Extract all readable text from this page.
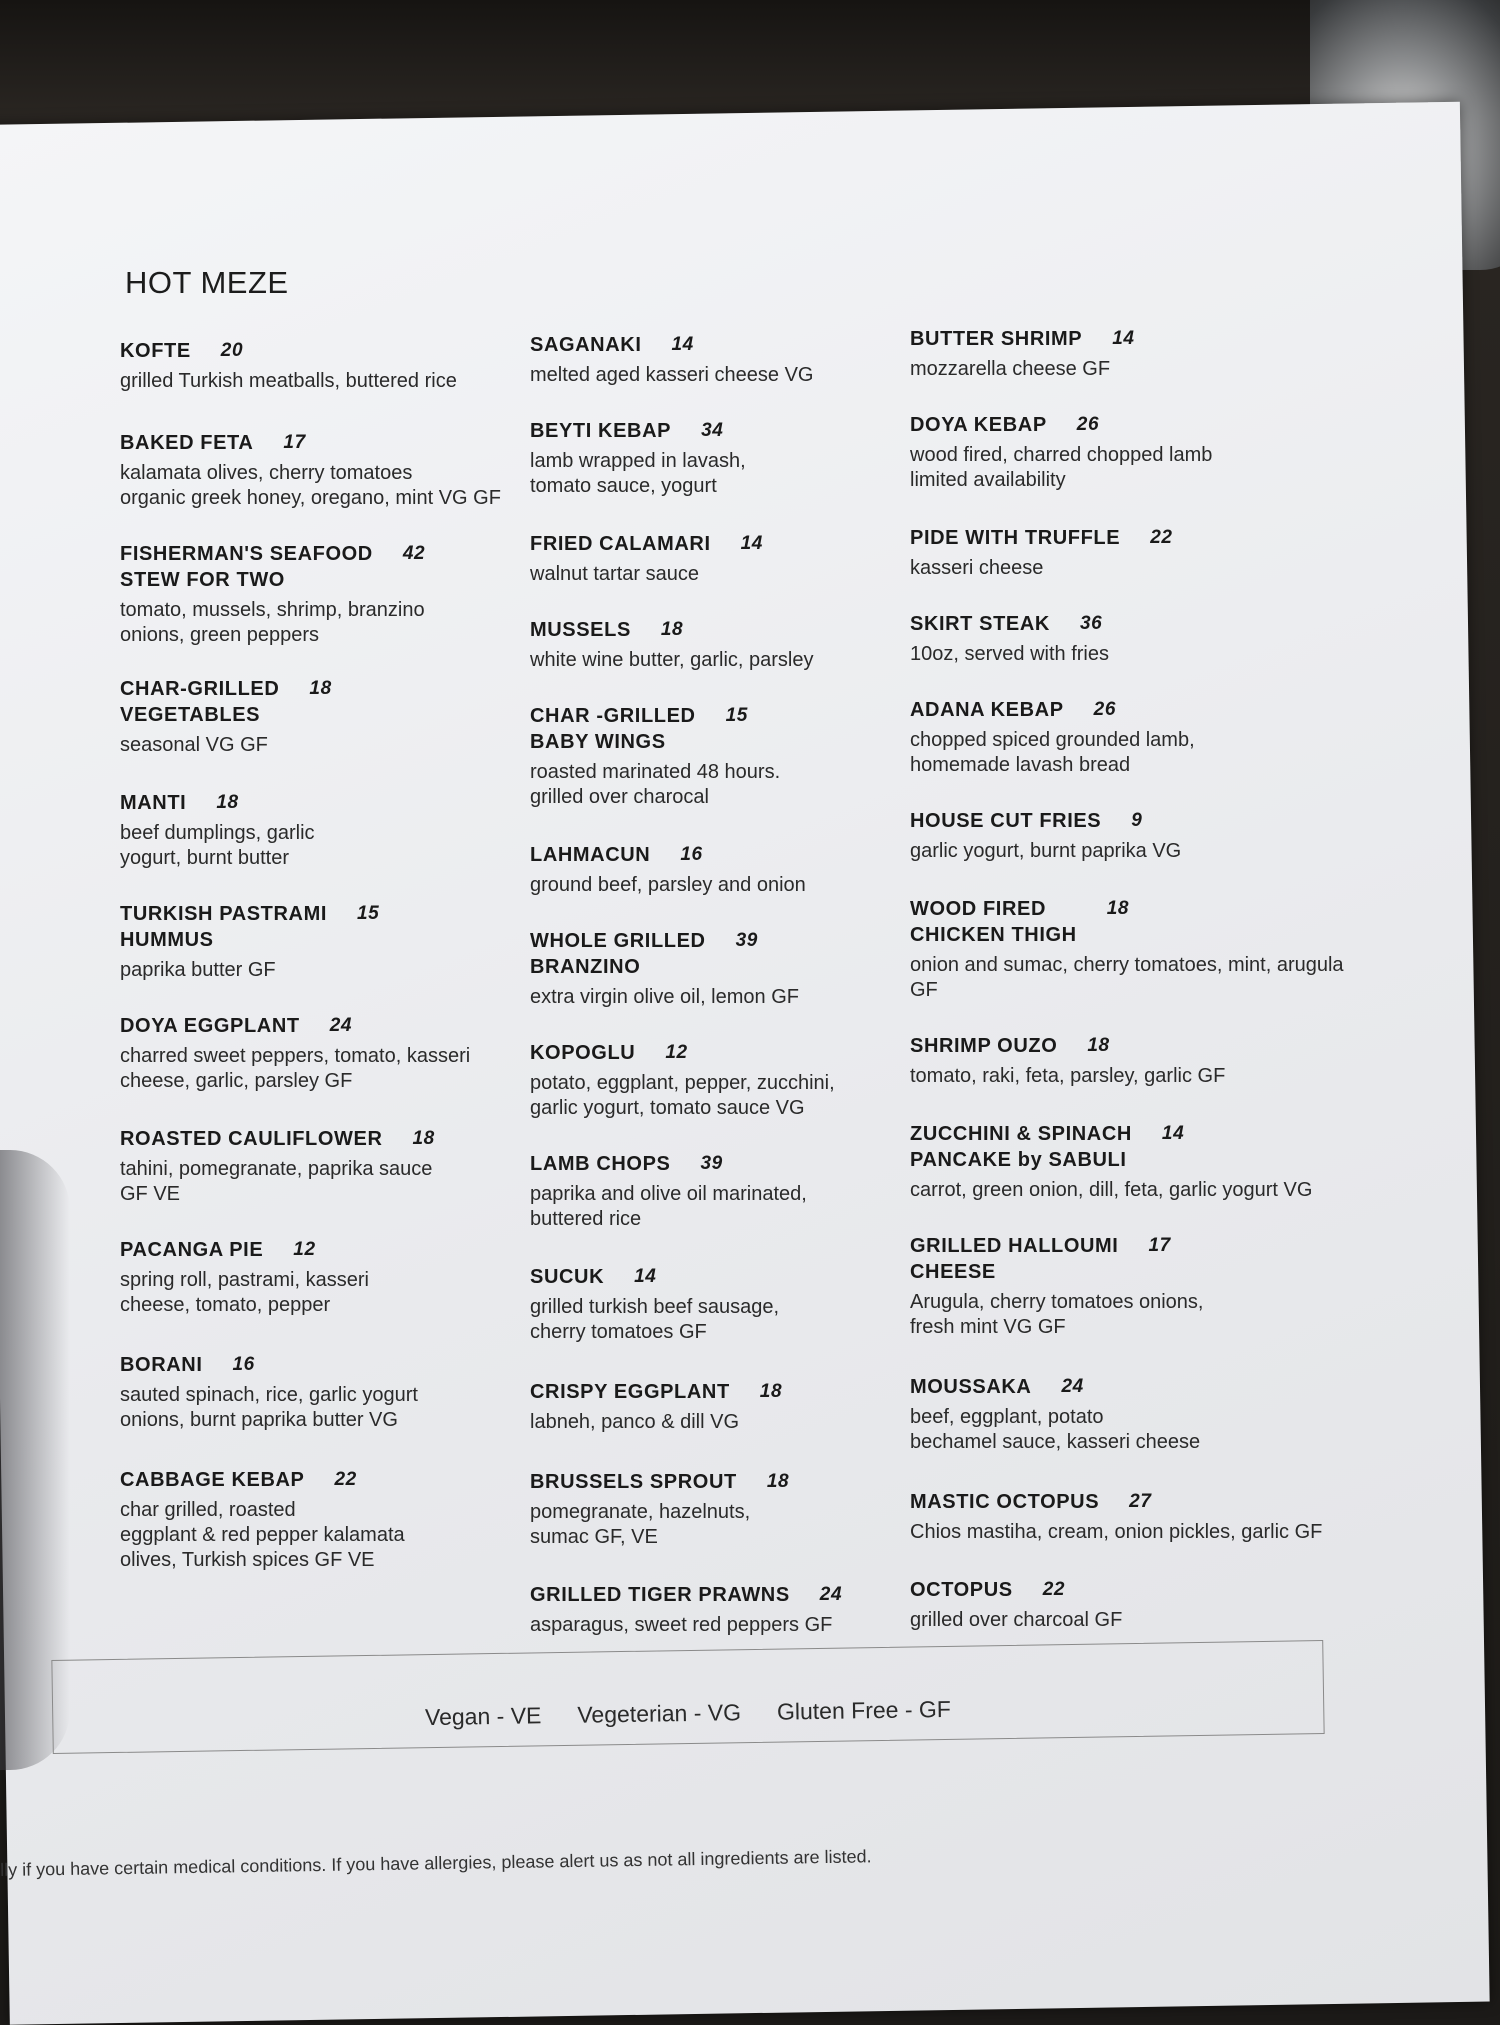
HOT MEZE
KOFTE 20
grilled Turkish meatballs, buttered rice
BAKED FETA 17
kalamata olives, cherry tomatoes
organic greek honey, oregano, mint VG GF
FISHERMAN'S SEAFOOD
STEW FOR TWO
42
tomato, mussels, shrimp, branzino
onions, green peppers
CHAR-GRILLED
VEGETABLES
18
seasonal VG GF
MANTI 18
beef dumplings, garlic
yogurt, burnt butter
TURKISH PASTRAMI
HUMMUS
15
paprika butter GF
DOYA EGGPLANT 24
charred sweet peppers, tomato, kasseri
cheese, garlic, parsley GF
ROASTED CAULIFLOWER 18
tahini, pomegranate, paprika sauce
GF VE
PACANGA PIE 12
spring roll, pastrami, kasseri
cheese, tomato, pepper
BORANI 16
sauted spinach, rice, garlic yogurt
onions, burnt paprika butter VG
CABBAGE KEBAP 22
char grilled, roasted
eggplant & red pepper kalamata
olives, Turkish spices GF VE
SAGANAKI 14
melted aged kasseri cheese VG
BEYTI KEBAP 34
lamb wrapped in lavash,
tomato sauce, yogurt
FRIED CALAMARI 14
walnut tartar sauce
MUSSELS 18
white wine butter, garlic, parsley
CHAR -GRILLED
BABY WINGS
15
roasted marinated 48 hours.
grilled over charocal
LAHMACUN 16
ground beef, parsley and onion
WHOLE GRILLED
BRANZINO
39
extra virgin olive oil, lemon GF
KOPOGLU 12
potato, eggplant, pepper, zucchini,
garlic yogurt, tomato sauce VG
LAMB CHOPS 39
paprika and olive oil marinated,
buttered rice
SUCUK 14
grilled turkish beef sausage,
cherry tomatoes GF
CRISPY EGGPLANT 18
labneh, panco & dill VG
BRUSSELS SPROUT 18
pomegranate, hazelnuts,
sumac GF, VE
GRILLED TIGER PRAWNS 24
asparagus, sweet red peppers GF
BUTTER SHRIMP 14
mozzarella cheese GF
DOYA KEBAP 26
wood fired, charred chopped lamb
limited availability
PIDE WITH TRUFFLE 22
kasseri cheese
SKIRT STEAK 36
10oz, served with fries
ADANA KEBAP 26
chopped spiced grounded lamb,
homemade lavash bread
HOUSE CUT FRIES 9
garlic yogurt, burnt paprika VG
WOOD FIRED
CHICKEN THIGH
18
onion and sumac, cherry tomatoes, mint, arugula GF
SHRIMP OUZO 18
tomato, raki, feta, parsley, garlic GF
ZUCCHINI & SPINACH
PANCAKE by SABULI
14
carrot, green onion, dill, feta, garlic yogurt VG
GRILLED HALLOUMI
CHEESE
17
Arugula, cherry tomatoes onions,
fresh mint VG GF
MOUSSAKA 24
beef, eggplant, potato
bechamel sauce, kasseri cheese
MASTIC OCTOPUS 27
Chios mastiha, cream, onion pickles, garlic GF
OCTOPUS 22
grilled over charcoal GF
Vegan - VE Vegeterian - VG Gluten Free - GF
lly if you have certain medical conditions. If you have allergies, please alert us as not all ingredients are listed.
